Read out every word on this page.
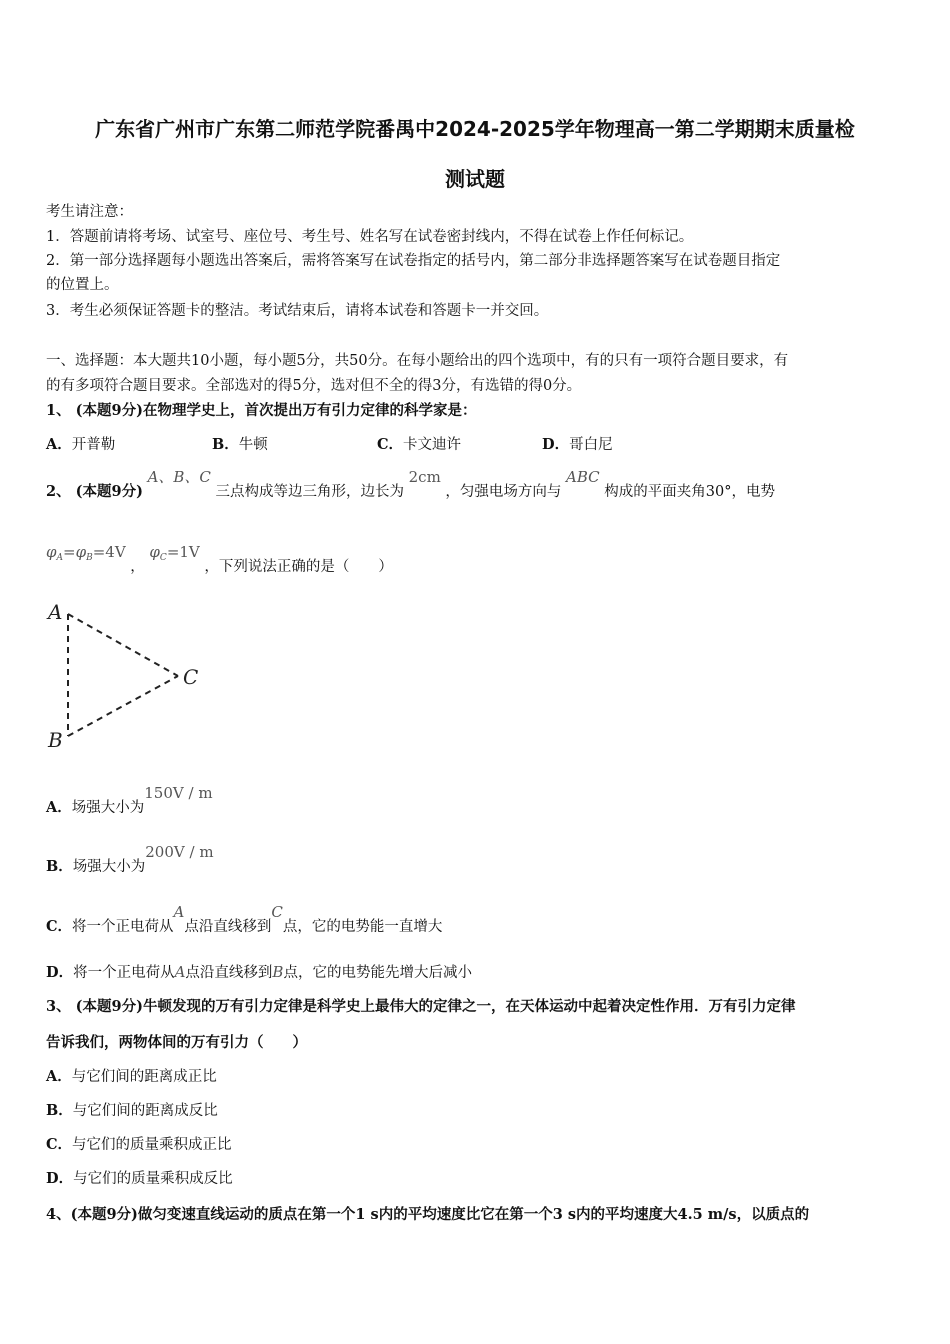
广东省广州市广东第二师范学院番禺中2024-2025学年物理高一第二学期期末质量检
测试题
考生请注意：
1．答题前请将考场、试室号、座位号、考生号、姓名写在试卷密封线内，不得在试卷上作任何标记。
2．第一部分选择题每小题选出答案后，需将答案写在试卷指定的括号内，第二部分非选择题答案写在试卷题目指定
的位置上。
3．考生必须保证答题卡的整洁。考试结束后，请将本试卷和答题卡一并交回。
一、选择题：本大题共10小题，每小题5分，共50分。在每小题给出的四个选项中，有的只有一项符合题目要求，有
的有多项符合题目要求。全部选对的得5分，选对但不全的得3分，有选错的得0分。
1、 (本题9分)在物理学史上，首次提出万有引力定律的科学家是：
A．开普勒	B．牛顿	C．卡文迪许	D．哥白尼
2、 (本题9分) A、B、C 三点构成等边三角形，边长为 2cm ，匀强电场方向与 ABC 构成的平面夹角30°，电势
$\varphi_A=\varphi_B=4V$ ， $\varphi_C=1V$ ，下列说法正确的是（　　）
A
B
C
A．场强大小为150V / m
B．场强大小为200V / m
C．将一个正电荷从A点沿直线移到C点，它的电势能一直增大
D．将一个正电荷从A点沿直线移到B点，它的电势能先增大后减小
3、 (本题9分)牛顿发现的万有引力定律是科学史上最伟大的定律之一，在天体运动中起着决定性作用．万有引力定律
告诉我们，两物体间的万有引力（　　）
A．与它们间的距离成正比
B．与它们间的距离成反比
C．与它们的质量乘积成正比
D．与它们的质量乘积成反比
4、(本题9分)做匀变速直线运动的质点在第一个1 s内的平均速度比它在第一个3 s内的平均速度大4.5 m/s，以质点的
